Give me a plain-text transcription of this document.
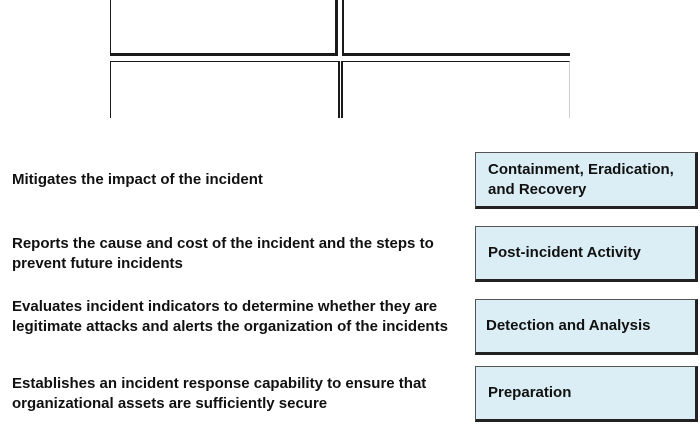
Mitigates the impact of the incident
Reports the cause and cost of the incident and the steps to prevent future incidents
Evaluates incident indicators to determine whether they are legitimate attacks and alerts the organization of the incidents
Establishes an incident response capability to ensure that organizational assets are sufficiently secure
Containment, Eradication, and Recovery
Post-incident Activity
Detection and Analysis
Preparation
